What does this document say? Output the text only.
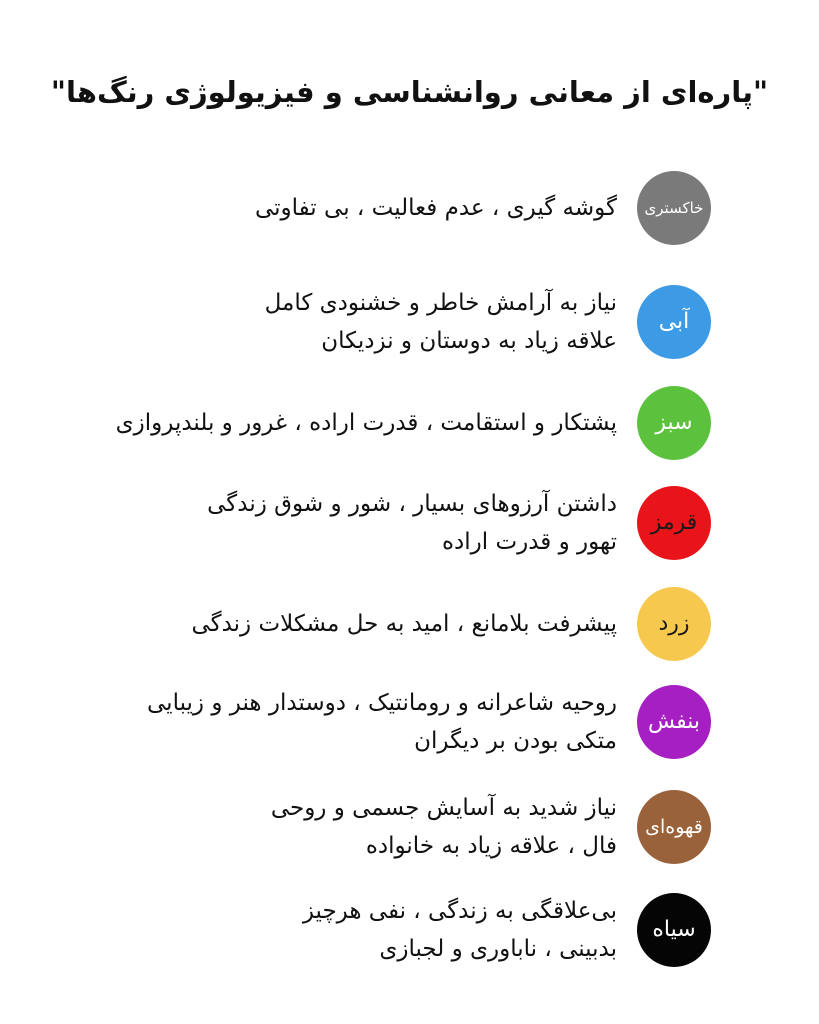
"پاره‌ای از معانی روانشناسی و فیزیولوژی رنگ‌ها"
خاکستری
گوشه گیری ، عدم فعالیت ، بی تفاوتی
آبی
نیاز به آرامش خاطر و خشنودی کامل
علاقه زیاد به دوستان و نزدیکان
سبز
پشتکار و استقامت ، قدرت اراده ، غرور و بلندپروازی
قرمز
داشتن آرزوهای بسیار ، شور و شوق زندگی
تهور و قدرت اراده
زرد
پیشرفت بلامانع ، امید به حل مشکلات زندگی
بنفش
روحیه شاعرانه و رومانتیک ، دوستدار هنر و زیبایی
متکی بودن بر دیگران
قهوه‌ای
نیاز شدید به آسایش جسمی و روحی
فال ، علاقه زیاد به خانواده
سیاه
بی‌علاقگی به زندگی ، نفی هرچیز
بدبینی ، ناباوری و لجبازی
